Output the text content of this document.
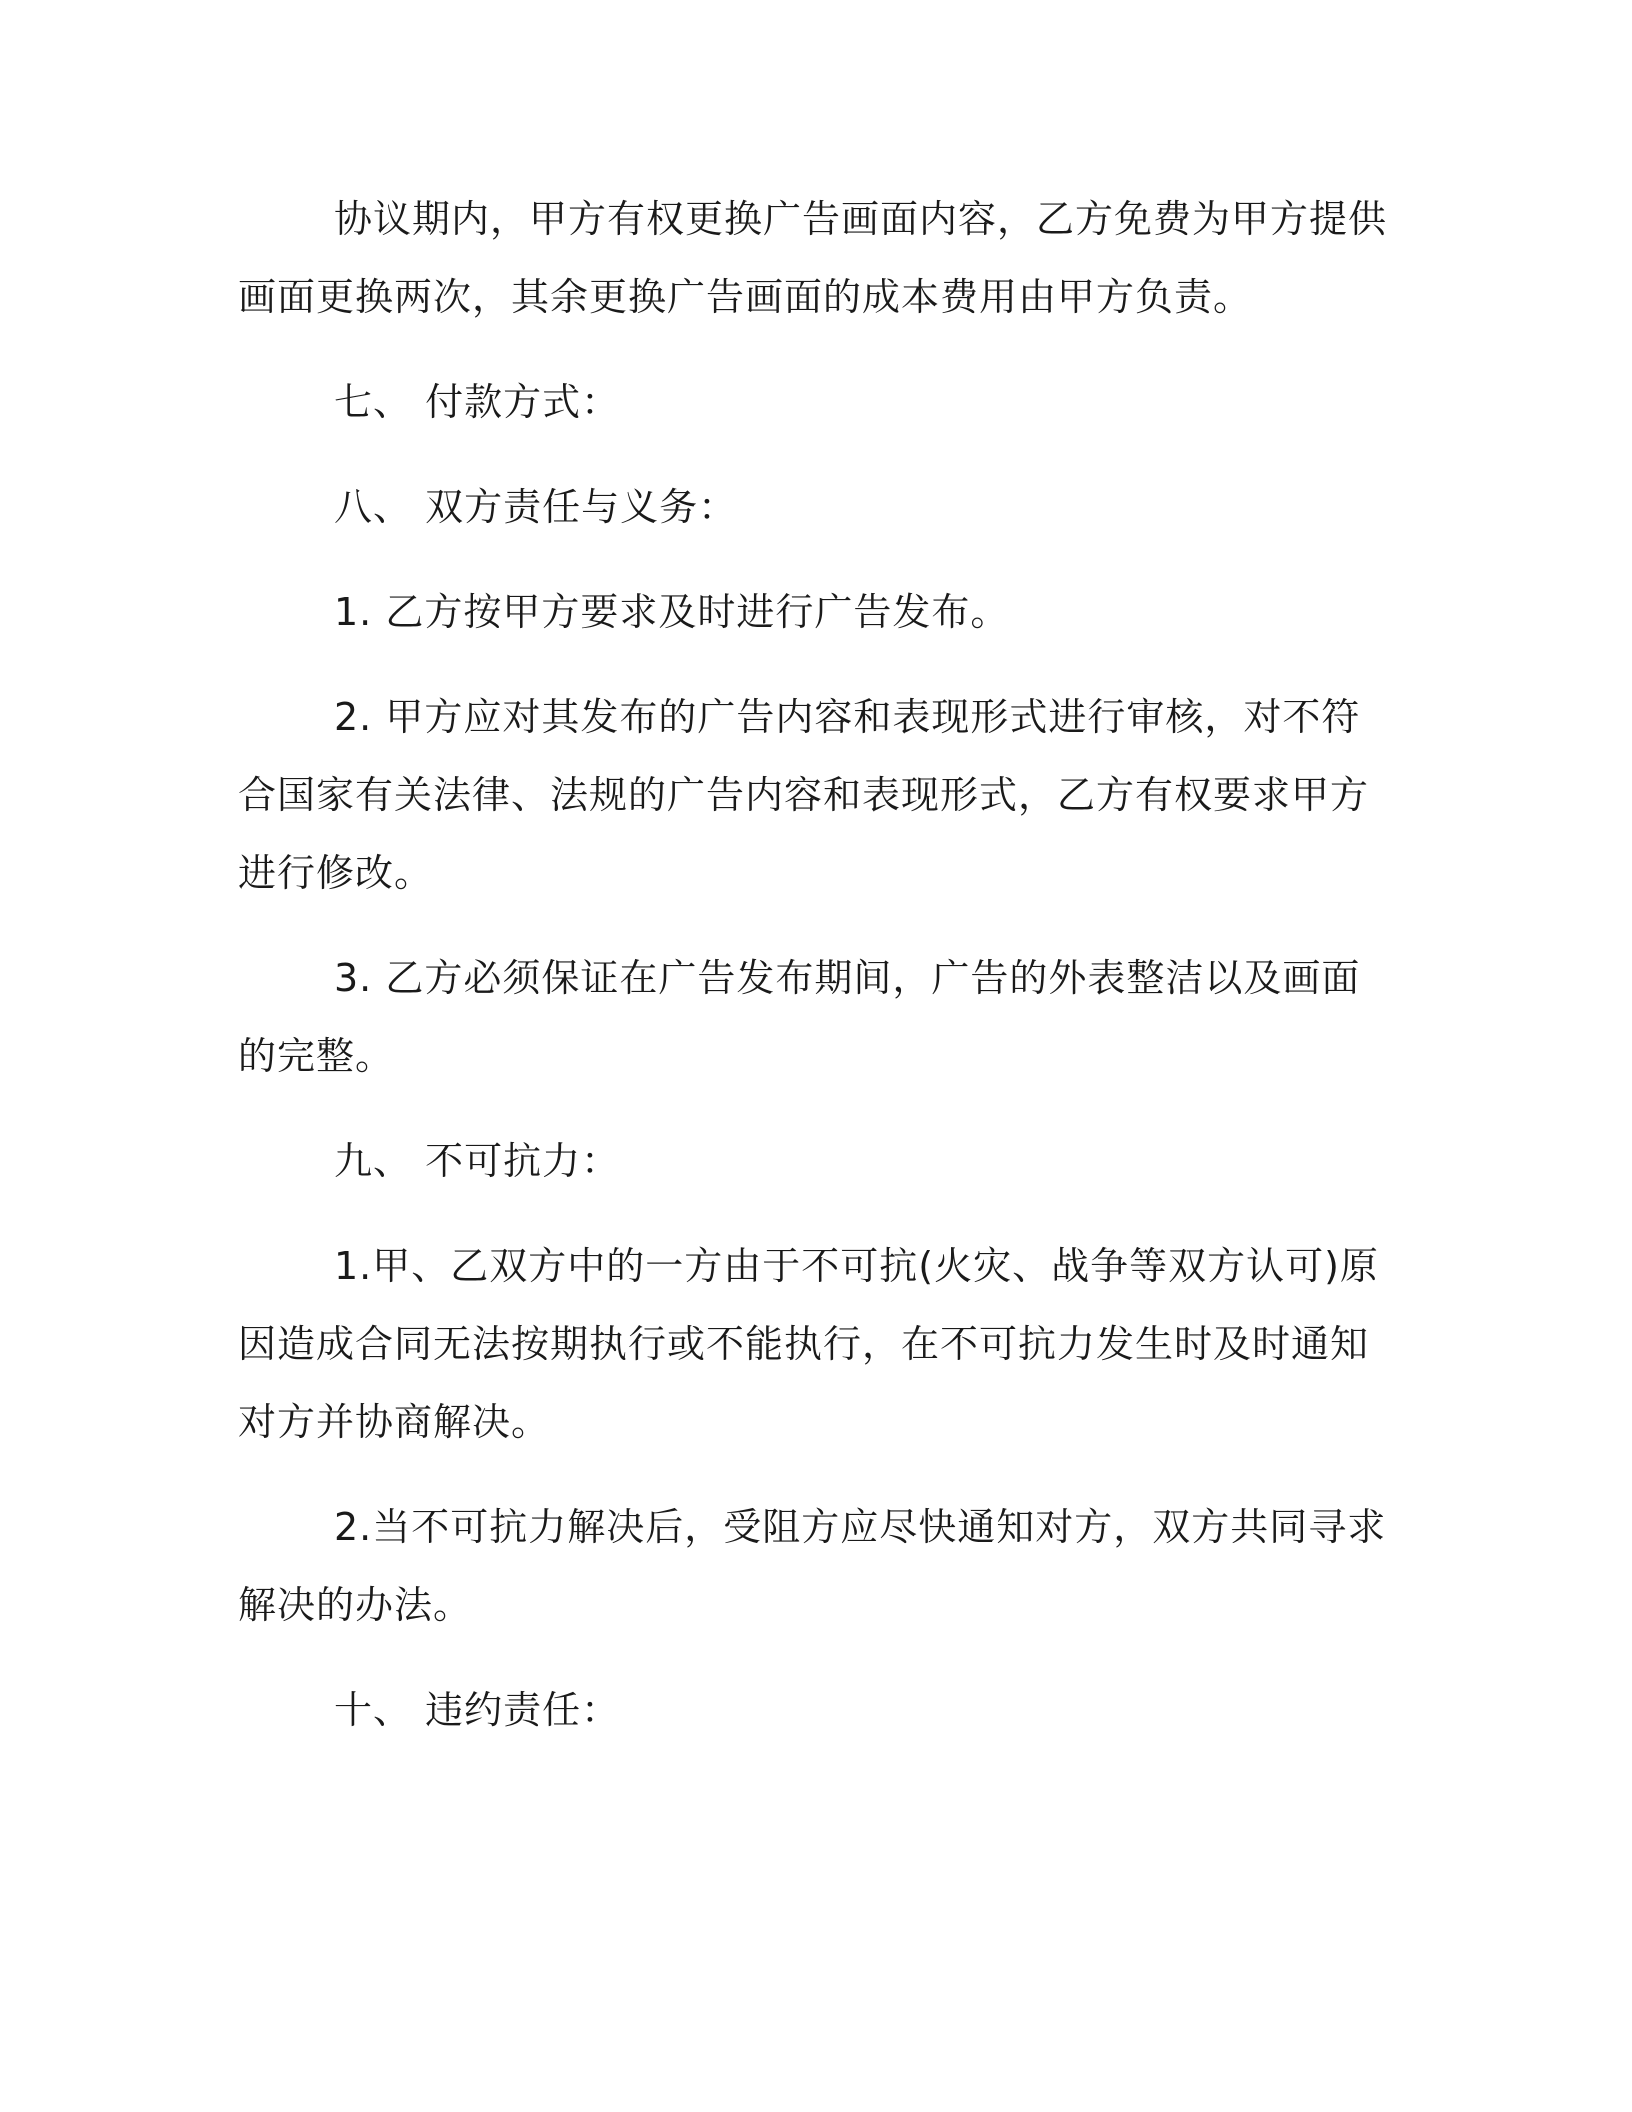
协议期内，甲方有权更换广告画面内容，乙方免费为甲方提供画面更换两次，其余更换广告画面的成本费用由甲方负责。

七、 付款方式：

八、 双方责任与义务：

1. 乙方按甲方要求及时进行广告发布。

2. 甲方应对其发布的广告内容和表现形式进行审核，对不符合国家有关法律、法规的广告内容和表现形式，乙方有权要求甲方进行修改。

3. 乙方必须保证在广告发布期间，广告的外表整洁以及画面的完整。

九、 不可抗力：

1.甲、乙双方中的一方由于不可抗(火灾、战争等双方认可)原因造成合同无法按期执行或不能执行，在不可抗力发生时及时通知对方并协商解决。

2.当不可抗力解决后，受阻方应尽快通知对方，双方共同寻求解决的办法。

十、 违约责任：
